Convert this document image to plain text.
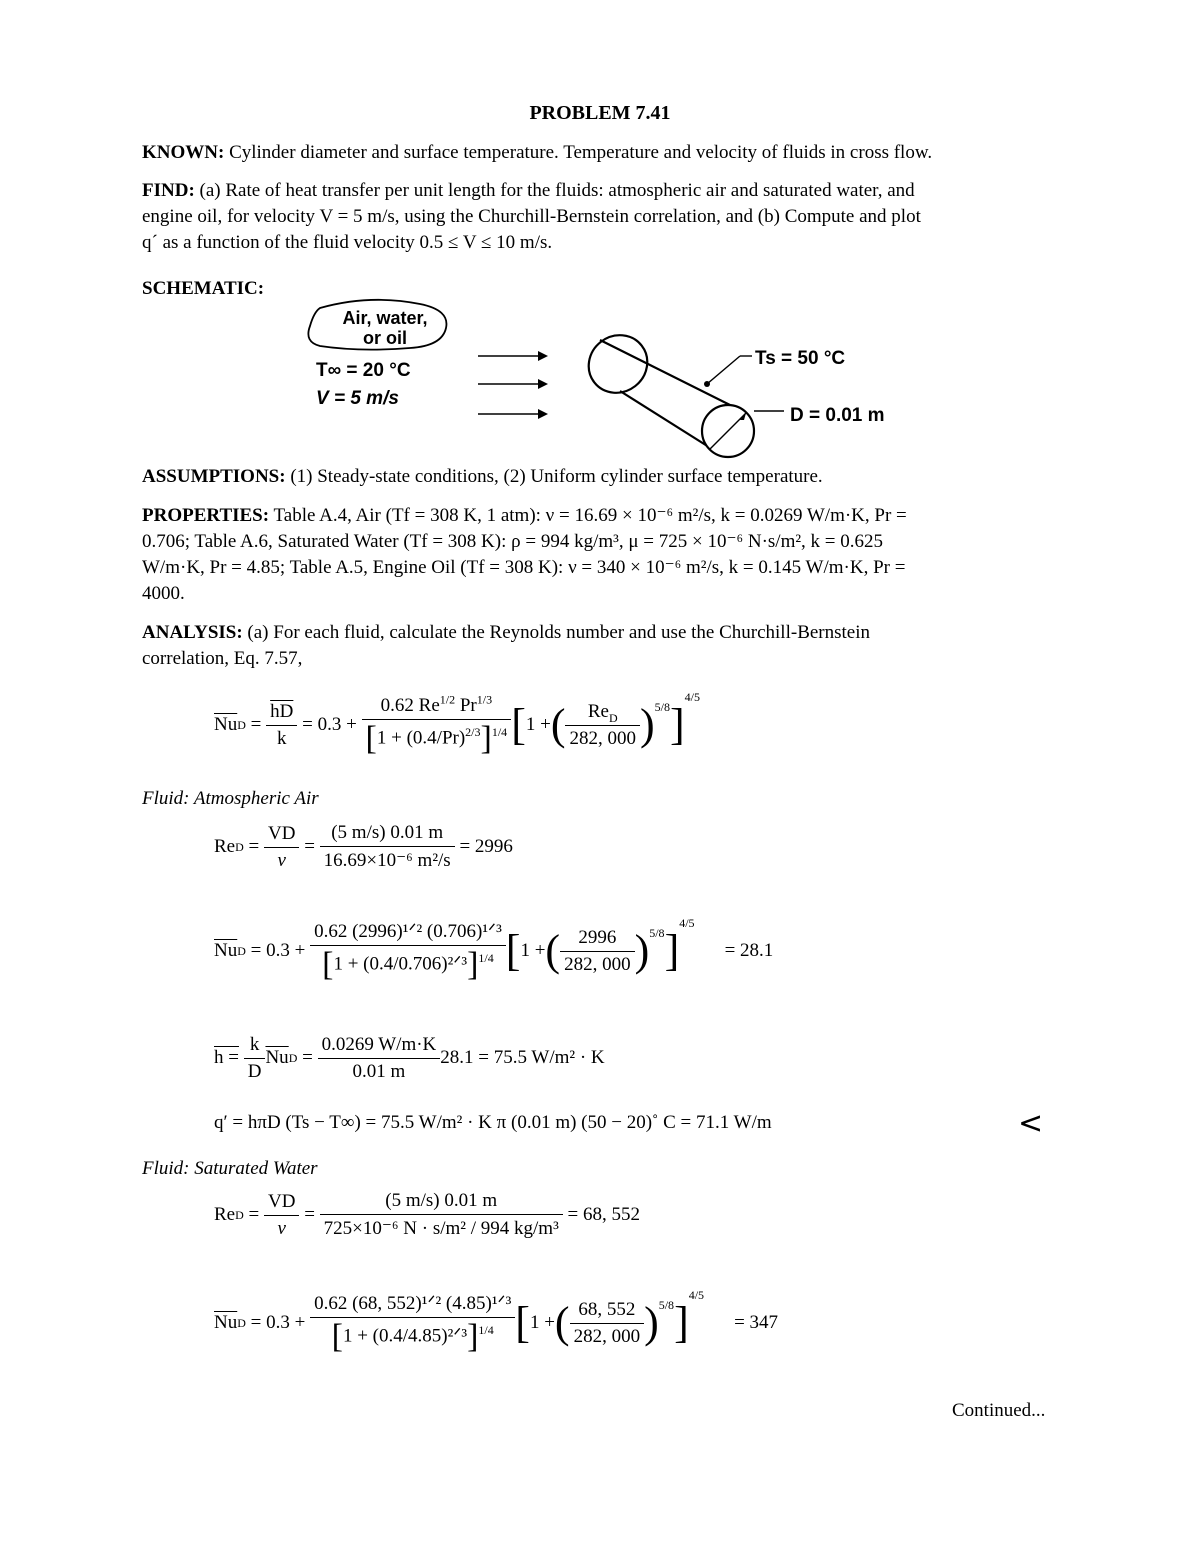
PROBLEM 7.41
KNOWN: Cylinder diameter and surface temperature. Temperature and velocity of fluids in cross flow.
FIND: (a) Rate of heat transfer per unit length for the fluids: atmospheric air and saturated water, and
engine oil, for velocity V = 5 m/s, using the Churchill-Bernstein correlation, and (b) Compute and plot
q´ as a function of the fluid velocity 0.5 ≤ V ≤ 10 m/s.
SCHEMATIC:
Air, water,
or oil
T∞ = 20 °C
V = 5 m/s
Ts = 50 °C
D = 0.01 m
ASSUMPTIONS: (1) Steady-state conditions, (2) Uniform cylinder surface temperature.
PROPERTIES: Table A.4, Air (Tf = 308 K, 1 atm): ν = 16.69 × 10⁻⁶ m²/s, k = 0.0269 W/m·K, Pr =
0.706; Table A.6, Saturated Water (Tf = 308 K): ρ = 994 kg/m³, μ = 725 × 10⁻⁶ N·s/m², k = 0.625
W/m·K, Pr = 4.85; Table A.5, Engine Oil (Tf = 308 K): ν = 340 × 10⁻⁶ m²/s, k = 0.145 W/m·K, Pr =
4000.
ANALYSIS: (a) For each fluid, calculate the Reynolds number and use the Churchill-Bernstein
correlation, Eq. 7.57,
$\overline{Nu}$ $D = \frac{\overline{hD}}{k}$
= 0.3 +
$\frac{0.62 Re^{1/2} Pr^{1/3}}{[1 + (0.4/Pr)^{2/3}]^{1/4}}$ [ 1 + ( $\frac{Re_D}{282, 000} )^{5/8}$ ]
$^{4/5}$
Fluid: Atmospheric Air
Re $D = \frac{VD}{\nu} = \frac{(5 m/s) 0.01 m}{\text{16.69×10⁻⁶ m²/s}}$
= 2996
$\overline{Nu}$ D
= 0.3 +
$\frac{\text{0.62 (2996)¹ᐟ² (0.706)¹ᐟ³}}{[1 + (0.4/0.706)^2ᐟ^3]^{1/4}}$ [ 1 + ( $\frac{2996}{282, 000} )^{5/8}$ ]
$^{4/5}$
= 28.1
h =
$\frac{k}{D} \overline{Nu}$ $D = \frac{0.0269 W/m\cdot K}{0.01 m} 28.1 = 75.5$ W/m² · K
q′ = hπD (Ts − T∞) = 75.5 W/m² · K π (0.01 m) (50 − 20)˚ C = 71.1 W/m	<
Fluid: Saturated Water
Re $D = \frac{VD}{\nu} = \frac{(5 m/s) 0.01 m}{\text{725×10⁻⁶ N · s/m² / 994 kg/m³}}$
= 68, 552
$\overline{Nu}$ D
= 0.3 +
$\frac{\text{0.62 (68, 552)¹ᐟ² (4.85)¹ᐟ³}}{[1 + (0.4/4.85)^2ᐟ^3]^{1/4}}$ [ 1 + ( $\frac{68, 552}{282, 000} )^{5/8}$ ]
$^{4/5}$
= 347
Continued...
